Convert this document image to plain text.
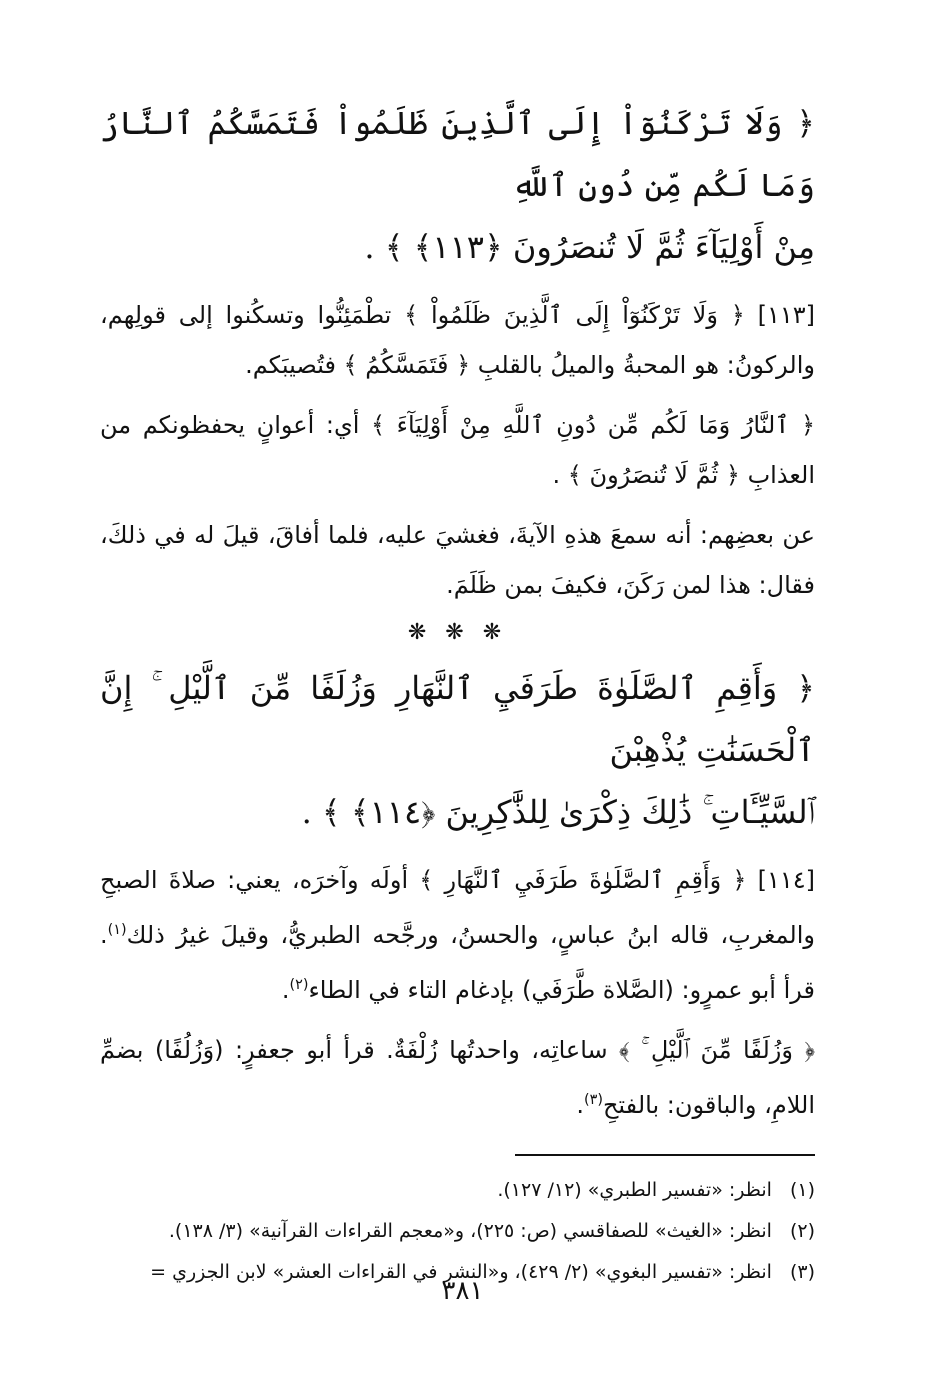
﴿ وَلَا تَرْكَنُوٓاْ إِلَى ٱلَّذِينَ ظَلَمُواْ فَتَمَسَّكُمُ ٱلنَّارُ وَمَا لَكُم مِّن دُونِ ٱللَّهِ
مِنْ أَوْلِيَآءَ ثُمَّ لَا تُنصَرُونَ ﴿١١٣﴾ ﴾ .

[١١٣] ﴿ وَلَا تَرْكَنُوٓاْ إِلَى ٱلَّذِينَ ظَلَمُواْ ﴾ تطْمَئِنُّوا وتسكُنوا إلى قولِهم، والركونُ: هو المحبةُ والميلُ بالقلبِ ﴿ فَتَمَسَّكُمُ ﴾ فتُصيبَكم.

﴿ ٱلنَّارُ وَمَا لَكُم مِّن دُونِ ٱللَّهِ مِنْ أَوْلِيَآءَ ﴾ أي: أعوانٍ يحفظونكم من العذابِ ﴿ ثُمَّ لَا تُنصَرُونَ ﴾ .

عن بعضِهم: أنه سمعَ هذهِ الآيةَ، فغشيَ عليه، فلما أفاقَ، قيلَ له في ذلكَ، فقال: هذا لمن رَكَنَ، فكيفَ بمن ظَلَمَ.

❋ ❋ ❋
﴿ وَأَقِمِ ٱلصَّلَوٰةَ طَرَفَيِ ٱلنَّهَارِ وَزُلَفًا مِّنَ ٱلَّيْلِ ۚ إِنَّ ٱلْحَسَنَٰتِ يُذْهِبْنَ
ٱلسَّيِّـَٔاتِ ۚ ذَٰلِكَ ذِكْرَىٰ لِلذَّٰكِرِينَ ﴿١١٤﴾ ﴾ .

[١١٤] ﴿ وَأَقِمِ ٱلصَّلَوٰةَ طَرَفَيِ ٱلنَّهَارِ ﴾ أولَه وآخرَه، يعني: صلاةَ الصبحِ والمغربِ، قاله ابنُ عباسٍ، والحسنُ، ورجَّحه الطبريُّ، وقيلَ غيرُ ذلك$^{(١)}$. قرأ أبو عمرٍو: (الصَّلاة طَّرَفَي) بإدغام التاء في الطاء$^{(٢)}$.

﴿ وَزُلَفًا مِّنَ ٱلَّيْلِ ۚ ﴾ ساعاتِه، واحدتُها زُلْفَةٌ. قرأ أبو جعفرٍ: (وَزُلُفًا) بضمِّ اللامِ، والباقون: بالفتحِ$^{(٣)}$.

(١)انظر: «تفسير الطبري» (١٢/ ١٢٧).

(٢)انظر: «الغيث» للصفاقسي (ص: ٢٢٥)، و«معجم القراءات القرآنية» (٣/ ١٣٨).

(٣)انظر: «تفسير البغوي» (٢/ ٤٢٩)، و«النشر في القراءات العشر» لابن الجزري =

٣٨١
